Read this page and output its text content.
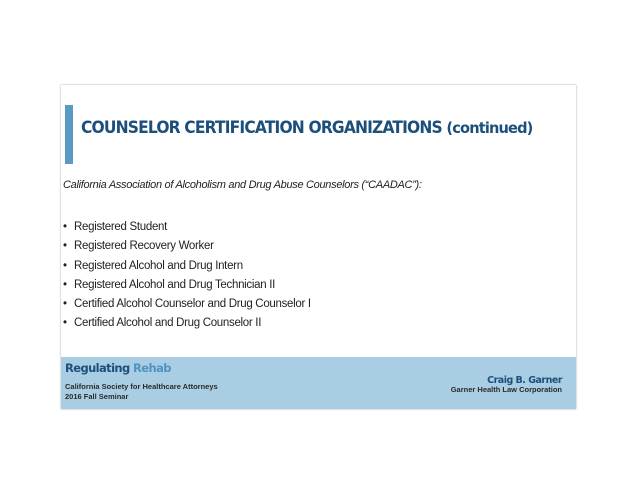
COUNSELOR CERTIFICATION ORGANIZATIONS (continued)

California Association of Alcoholism and Drug Abuse Counselors (“CAADAC”):

• Registered Student
• Registered Recovery Worker
• Registered Alcohol and Drug Intern
• Registered Alcohol and Drug Technician II
• Certified Alcohol Counselor and Drug Counselor I
• Certified Alcohol and Drug Counselor II
Regulating Rehab
California Society for Healthcare Attorneys
2016 Fall Seminar
Craig B. Garner
Garner Health Law Corporation
